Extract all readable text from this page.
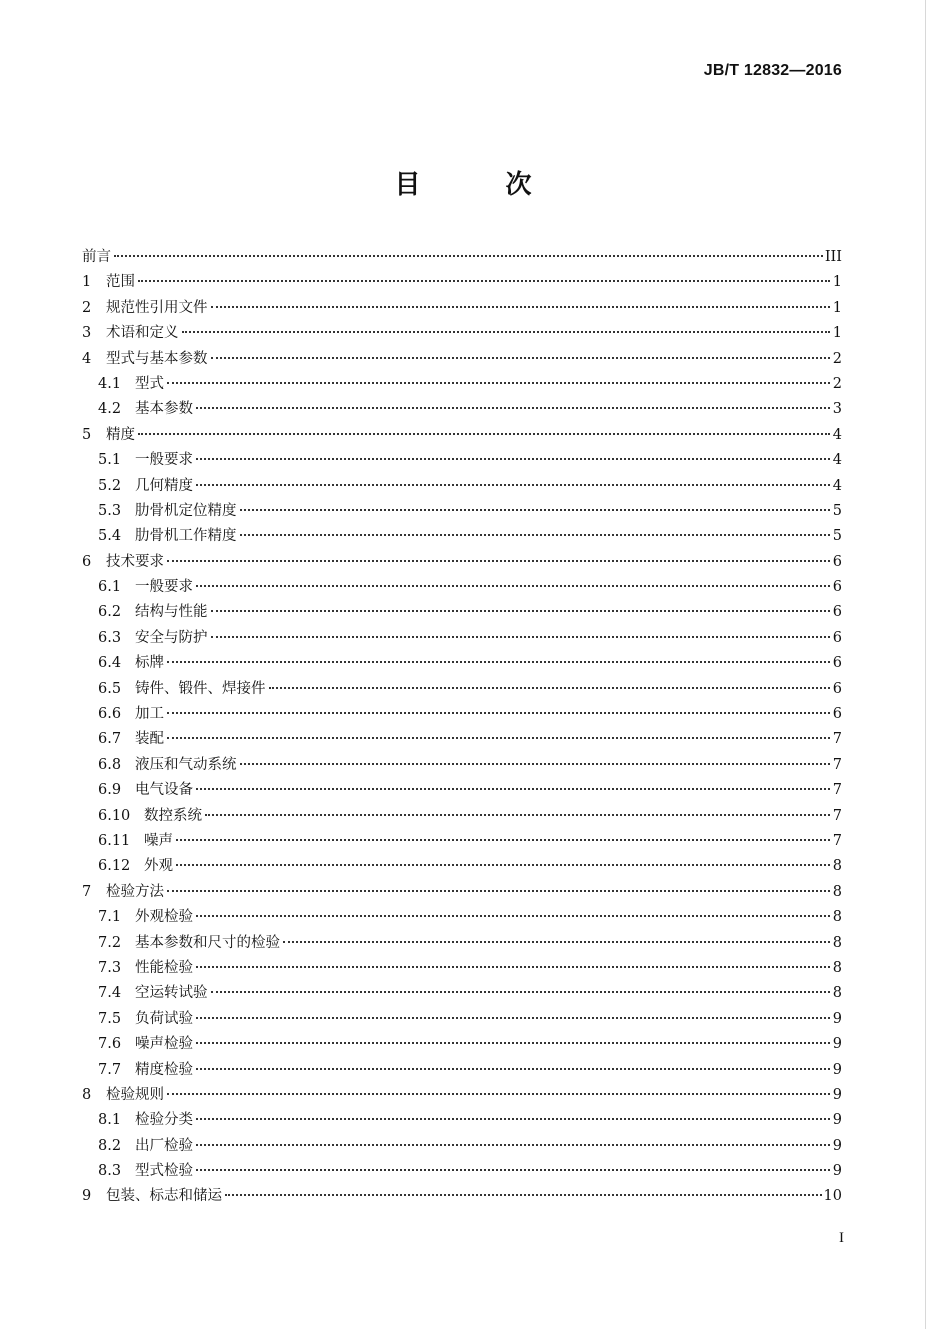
JB/T 12832—2016
目 次
前言	III
1	范围	1
2	规范性引用文件	1
3	术语和定义	1
4	型式与基本参数	2
4.1 型式	2
4.2 基本参数	3
5	精度	4
5.1 一般要求	4
5.2 几何精度	4
5.3 肋骨机定位精度	5
5.4 肋骨机工作精度	5
6	技术要求	6
6.1 一般要求	6
6.2 结构与性能	6
6.3 安全与防护	6
6.4 标牌	6
6.5 铸件、锻件、焊接件	6
6.6 加工	6
6.7 装配	7
6.8 液压和气动系统	7
6.9 电气设备	7
6.10 数控系统	7
6.11 噪声	7
6.12 外观	8
7	检验方法	8
7.1 外观检验	8
7.2 基本参数和尺寸的检验	8
7.3 性能检验	8
7.4 空运转试验	8
7.5 负荷试验	9
7.6 噪声检验	9
7.7 精度检验	9
8	检验规则	9
8.1 检验分类	9
8.2 出厂检验	9
8.3 型式检验	9
9	包装、标志和储运	10
I
